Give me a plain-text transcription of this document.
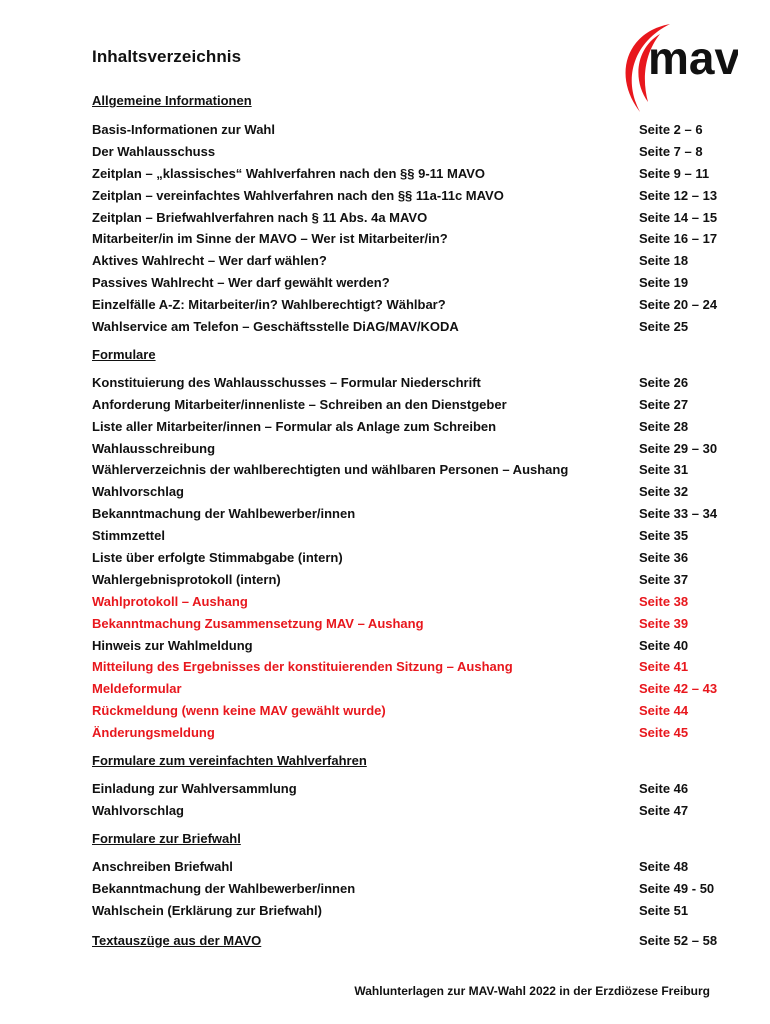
Inhaltsverzeichnis	mav
Allgemeine Informationen
Basis-Informationen zur Wahl	Seite 2 – 6
Der Wahlausschuss	Seite 7 – 8
Zeitplan – „klassisches“ Wahlverfahren nach den §§ 9-11 MAVO	Seite 9 – 11
Zeitplan – vereinfachtes Wahlverfahren nach den §§ 11a-11c MAVO	Seite 12 – 13
Zeitplan – Briefwahlverfahren nach § 11 Abs. 4a MAVO	Seite 14 – 15
Mitarbeiter/in im Sinne der MAVO – Wer ist Mitarbeiter/in?	Seite 16 – 17
Aktives Wahlrecht – Wer darf wählen?	Seite 18
Passives Wahlrecht – Wer darf gewählt werden?	Seite 19
Einzelfälle A-Z: Mitarbeiter/in? Wahlberechtigt? Wählbar?	Seite 20 – 24
Wahlservice am Telefon – Geschäftsstelle DiAG/MAV/KODA	Seite 25
Formulare
Konstituierung des Wahlausschusses – Formular Niederschrift	Seite 26
Anforderung Mitarbeiter/innenliste – Schreiben an den Dienstgeber	Seite 27
Liste aller Mitarbeiter/innen – Formular als Anlage zum Schreiben	Seite 28
Wahlausschreibung	Seite 29 – 30
Wählerverzeichnis der wahlberechtigten und wählbaren Personen – Aushang	Seite 31
Wahlvorschlag	Seite 32
Bekanntmachung der Wahlbewerber/innen	Seite 33 – 34
Stimmzettel	Seite 35
Liste über erfolgte Stimmabgabe (intern)	Seite 36
Wahlergebnisprotokoll (intern)	Seite 37
Wahlprotokoll – Aushang	Seite 38
Bekanntmachung Zusammensetzung MAV – Aushang	Seite 39
Hinweis zur Wahlmeldung	Seite 40
Mitteilung des Ergebnisses der konstituierenden Sitzung – Aushang	Seite 41
Meldeformular	Seite 42 – 43
Rückmeldung (wenn keine MAV gewählt wurde)	Seite 44
Änderungsmeldung	Seite 45
Formulare zum vereinfachten Wahlverfahren
Einladung zur Wahlversammlung	Seite 46
Wahlvorschlag	Seite 47
Formulare zur Briefwahl
Anschreiben Briefwahl	Seite 48
Bekanntmachung der Wahlbewerber/innen	Seite 49 - 50
Wahlschein (Erklärung zur Briefwahl)	Seite 51
Textauszüge aus der MAVO	Seite 52 – 58
Wahlunterlagen zur MAV-Wahl 2022 in der Erzdiözese Freiburg
